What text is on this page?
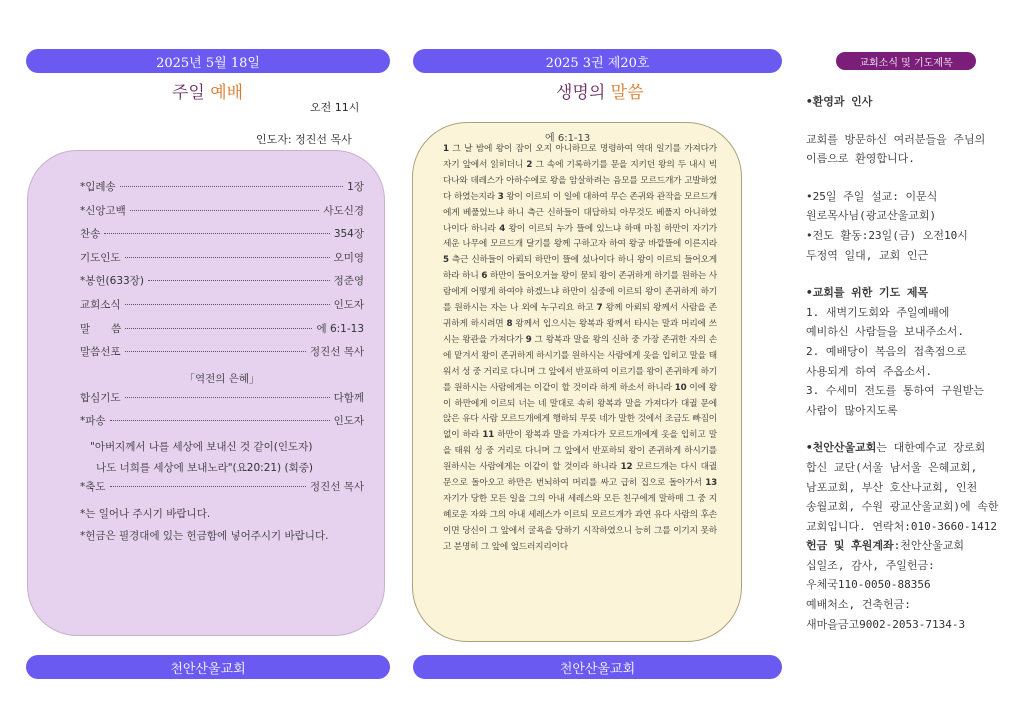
2025년 5월 18일
주일 예배
오전 11시
인도자: 정진선 목사
*입례송	1장
*신앙고백	사도신경
찬송	354장
기도인도	오미영
*봉헌(633장)	정준영
교회소식	인도자
말　　씀	에 6:1-13
말씀선포	정진선 목사
「역전의 은혜」
합심기도	다함께
*파송	인도자
"아버지께서 나를 세상에 보내신 것 같이(인도자)
나도 너희를 세상에 보내노라"(요20:21) (회중)
*축도	정진선 목사
*는 일어나 주시기 바랍니다.
*헌금은 필경대에 있는 헌금함에 넣어주시기 바랍니다.
천안산울교회
2025 3권 제20호
생명의 말씀
에 6:1-13
1 그 날 밤에 왕이 잠이 오지 아니하므로 명령하여 역대 일기를 가져다가 자기 앞에서 읽히더니 2 그 속에 기록하기를 문을 지키던 왕의 두 내시 빅다나와 데레스가 아하수에로 왕을 암살하려는 음모를 모르드개가 고발하였다 하였는지라 3 왕이 이르되 이 일에 대하여 무슨 존귀와 관작을 모르드개에게 베풀었느냐 하니 측근 신하들이 대답하되 아무것도 베풀지 아니하였나이다 하니라 4 왕이 이르되 누가 뜰에 있느냐 하매 마침 하만이 자기가 세운 나무에 모르드개 달기를 왕께 구하고자 하여 왕궁 바깥뜰에 이른지라 5 측근 신하들이 아뢰되 하만이 뜰에 섰나이다 하니 왕이 이르되 들어오게 하라 하니 6 하만이 들어오거늘 왕이 묻되 왕이 존귀하게 하기를 원하는 사람에게 어떻게 하여야 하겠느냐 하만이 심중에 이르되 왕이 존귀하게 하기를 원하시는 자는 나 외에 누구리요 하고 7 왕께 아뢰되 왕께서 사람을 존귀하게 하시려면 8 왕께서 입으시는 왕복과 왕께서 타시는 말과 머리에 쓰시는 왕관을 가져다가 9 그 왕복과 말을 왕의 신하 중 가장 존귀한 자의 손에 맡겨서 왕이 존귀하게 하시기를 원하시는 사람에게 옷을 입히고 말을 태워서 성 중 거리로 다니며 그 앞에서 반포하여 이르기를 왕이 존귀하게 하기를 원하시는 사람에게는 이같이 할 것이라 하게 하소서 하니라 10 이에 왕이 하만에게 이르되 너는 네 말대로 속히 왕복과 말을 가져다가 대궐 문에 앉은 유다 사람 모르드개에게 행하되 무릇 네가 말한 것에서 조금도 빠짐이 없이 하라 11 하만이 왕복과 말을 가져다가 모르드개에게 옷을 입히고 말을 태워 성 중 거리로 다니며 그 앞에서 반포하되 왕이 존귀하게 하시기를 원하시는 사람에게는 이같이 할 것이라 하니라 12 모르드개는 다시 대궐 문으로 돌아오고 하만은 번뇌하여 머리를 싸고 급히 집으로 돌아가서 13 자기가 당한 모든 일을 그의 아내 세레스와 모든 친구에게 말하매 그 중 지혜로운 자와 그의 아내 세레스가 이르되 모르드개가 과연 유다 사람의 후손이면 당신이 그 앞에서 굴욕을 당하기 시작하였으니 능히 그를 이기지 못하고 분명히 그 앞에 엎드러지리이다
천안산울교회
교회소식 및 기도제목
•환영과 인사
교회를 방문하신 여러분들을 주님의
이름으로 환영합니다.
•25일 주일 설교: 이문식
원로목사님(광교산울교회)
•전도 활동:23일(금) 오전10시
두정역 일대, 교회 인근
•교회를 위한 기도 제목
1. 새벽기도회와 주일예배에
예비하신 사람들을 보내주소서.
2. 예배당이 복음의 접촉점으로
사용되게 하여 주옵소서.
3. 수세미 전도를 통하여 구원받는
사람이 많아지도록
•천안산울교회는 대한예수교 장로회
합신 교단(서울 남서울 은혜교회,
남포교회, 부산 호산나교회, 인천
송월교회, 수원 광교산울교회)에 속한
교회입니다. 연락처:010-3660-1412
헌금 및 후원계좌:천안산울교회
십일조, 감사, 주일헌금:
우체국110-0050-88356
예배처소, 건축헌금:
새마을금고9002-2053-7134-3
